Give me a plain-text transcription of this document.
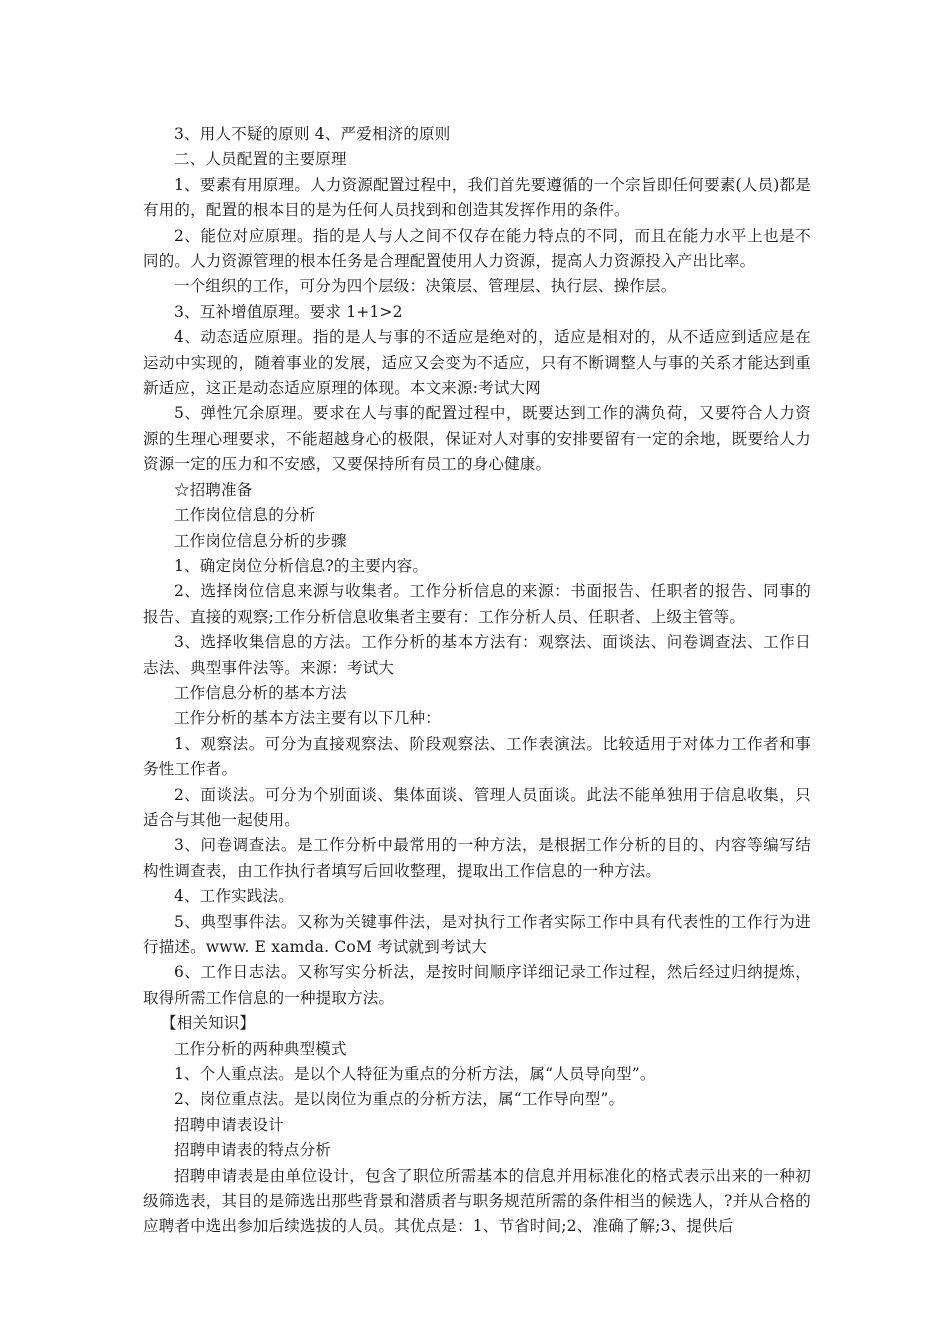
3、用人不疑的原则 4、严爱相济的原则

二、人员配置的主要原理

1、要素有用原理。人力资源配置过程中，我们首先要遵循的一个宗旨即任何要素(人员)都是有用的，配置的根本目的是为任何人员找到和创造其发挥作用的条件。

2、能位对应原理。指的是人与人之间不仅存在能力特点的不同，而且在能力水平上也是不同的。人力资源管理的根本任务是合理配置使用人力资源，提高人力资源投入产出比率。

一个组织的工作，可分为四个层级：决策层、管理层、执行层、操作层。

3、互补增值原理。要求 1+1>2

4、动态适应原理。指的是人与事的不适应是绝对的，适应是相对的，从不适应到适应是在运动中实现的，随着事业的发展，适应又会变为不适应，只有不断调整人与事的关系才能达到重新适应，这正是动态适应原理的体现。本文来源:考试大网

5、弹性冗余原理。要求在人与事的配置过程中，既要达到工作的满负荷，又要符合人力资源的生理心理要求，不能超越身心的极限，保证对人对事的安排要留有一定的余地，既要给人力资源一定的压力和不安感，又要保持所有员工的身心健康。

☆招聘准备

工作岗位信息的分析

工作岗位信息分析的步骤

1、确定岗位分析信息?的主要内容。

2、选择岗位信息来源与收集者。工作分析信息的来源：书面报告、任职者的报告、同事的报告、直接的观察;工作分析信息收集者主要有：工作分析人员、任职者、上级主管等。

3、选择收集信息的方法。工作分析的基本方法有：观察法、面谈法、问卷调查法、工作日志法、典型事件法等。来源：考试大

工作信息分析的基本方法

工作分析的基本方法主要有以下几种：

1、观察法。可分为直接观察法、阶段观察法、工作表演法。比较适用于对体力工作者和事务性工作者。

2、面谈法。可分为个别面谈、集体面谈、管理人员面谈。此法不能单独用于信息收集，只适合与其他一起使用。

3、问卷调查法。是工作分析中最常用的一种方法，是根据工作分析的目的、内容等编写结构性调查表，由工作执行者填写后回收整理，提取出工作信息的一种方法。

4、工作实践法。

5、典型事件法。又称为关键事件法，是对执行工作者实际工作中具有代表性的工作行为进行描述。www. E xamda. CoM 考试就到考试大

6、工作日志法。又称写实分析法，是按时间顺序详细记录工作过程，然后经过归纳提炼，取得所需工作信息的一种提取方法。

【相关知识】

工作分析的两种典型模式

1、个人重点法。是以个人特征为重点的分析方法，属“人员导向型”。

2、岗位重点法。是以岗位为重点的分析方法，属“工作导向型”。

招聘申请表设计

招聘申请表的特点分析

招聘申请表是由单位设计，包含了职位所需基本的信息并用标准化的格式表示出来的一种初级筛选表，其目的是筛选出那些背景和潜质者与职务规范所需的条件相当的候选人，?并从合格的应聘者中选出参加后续选拔的人员。其优点是：1、节省时间;2、准确了解;3、提供后
